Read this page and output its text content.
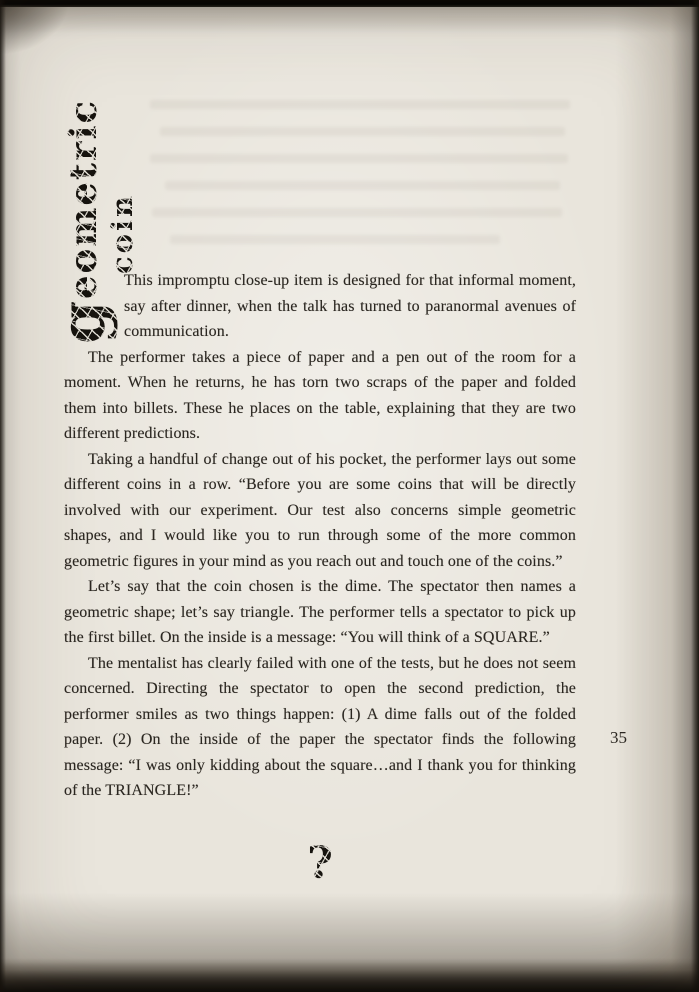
geometric coin

This impromptu close-up item is designed for that informal moment, say after dinner, when the talk has turned to paranormal avenues of communication.

The performer takes a piece of paper and a pen out of the room for a moment. When he returns, he has torn two scraps of the paper and folded them into billets. These he places on the table, explaining that they are two different predictions.

Taking a handful of change out of his pocket, the performer lays out some different coins in a row. “Before you are some coins that will be directly involved with our experiment. Our test also concerns simple geometric shapes, and I would like you to run through some of the more common geometric figures in your mind as you reach out and touch one of the coins.”

Let’s say that the coin chosen is the dime. The spectator then names a geometric shape; let’s say triangle. The performer tells a spectator to pick up the first billet. On the inside is a message: “You will think of a SQUARE.”

The mentalist has clearly failed with one of the tests, but he does not seem concerned. Directing the spectator to open the second prediction, the performer smiles as two things happen: (1) A dime falls out of the folded paper. (2) On the inside of the paper the spectator finds the following message: “I was only kidding about the square…and I thank you for thinking of the TRIANGLE!”

35
?
